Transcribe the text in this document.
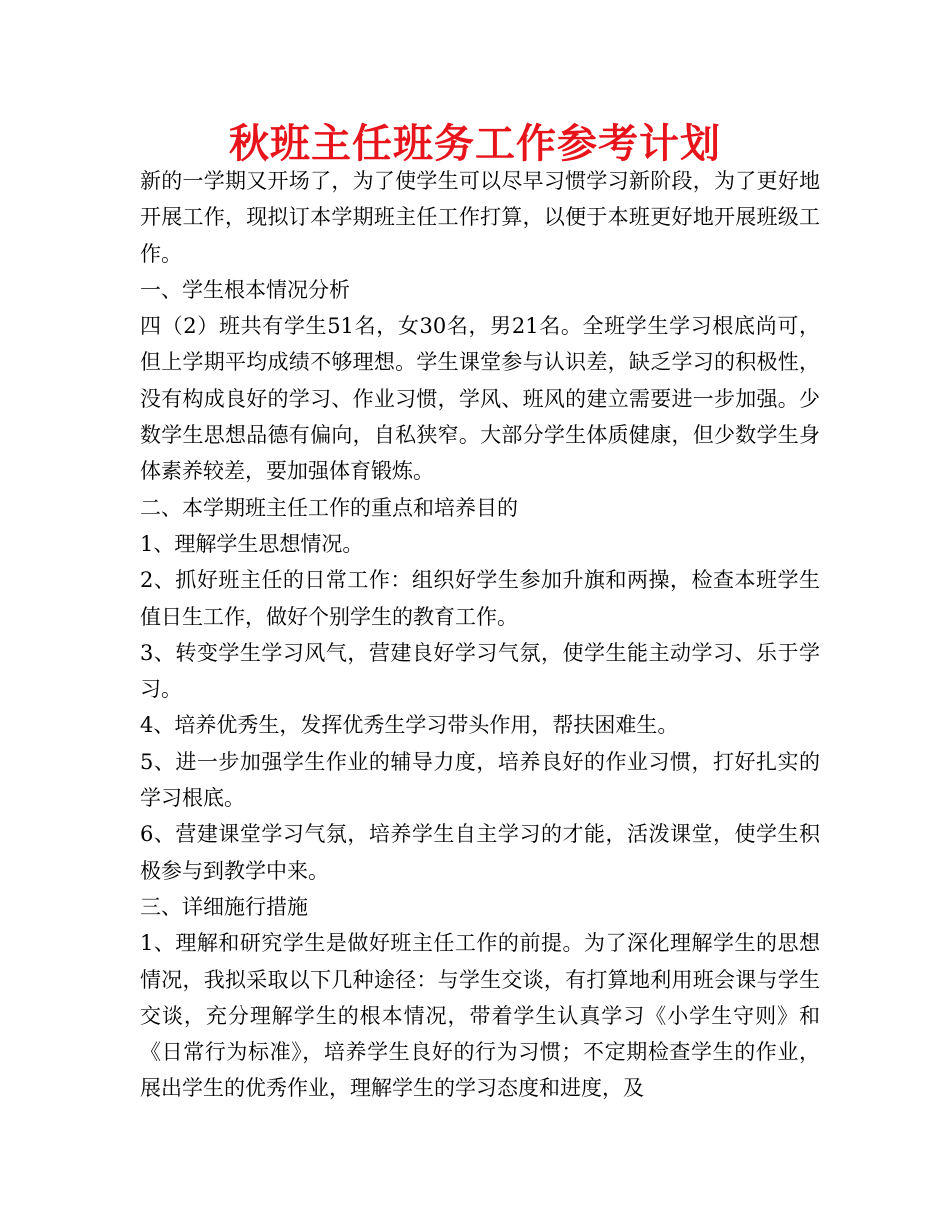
秋班主任班务工作参考计划

新的一学期又开场了，为了使学生可以尽早习惯学习新阶段，为了更好地开展工作，现拟订本学期班主任工作打算，以便于本班更好地开展班级工作。

一、学生根本情况分析

四（2）班共有学生51名，女30名，男21名。全班学生学习根底尚可，但上学期平均成绩不够理想。学生课堂参与认识差，缺乏学习的积极性，没有构成良好的学习、作业习惯，学风、班风的建立需要进一步加强。少数学生思想品德有偏向，自私狭窄。大部分学生体质健康，但少数学生身体素养较差，要加强体育锻炼。

二、本学期班主任工作的重点和培养目的

1、理解学生思想情况。

2、抓好班主任的日常工作：组织好学生参加升旗和两操，检查本班学生值日生工作，做好个别学生的教育工作。

3、转变学生学习风气，营建良好学习气氛，使学生能主动学习、乐于学习。

4、培养优秀生，发挥优秀生学习带头作用，帮扶困难生。

5、进一步加强学生作业的辅导力度，培养良好的作业习惯，打好扎实的学习根底。

6、营建课堂学习气氛，培养学生自主学习的才能，活泼课堂，使学生积极参与到教学中来。

三、详细施行措施

1、理解和研究学生是做好班主任工作的前提。为了深化理解学生的思想情况，我拟采取以下几种途径：与学生交谈，有打算地利用班会课与学生交谈，充分理解学生的根本情况，带着学生认真学习《小学生守则》和《日常行为标准》，培养学生良好的行为习惯；不定期检查学生的作业，展出学生的优秀作业，理解学生的学习态度和进度，及
